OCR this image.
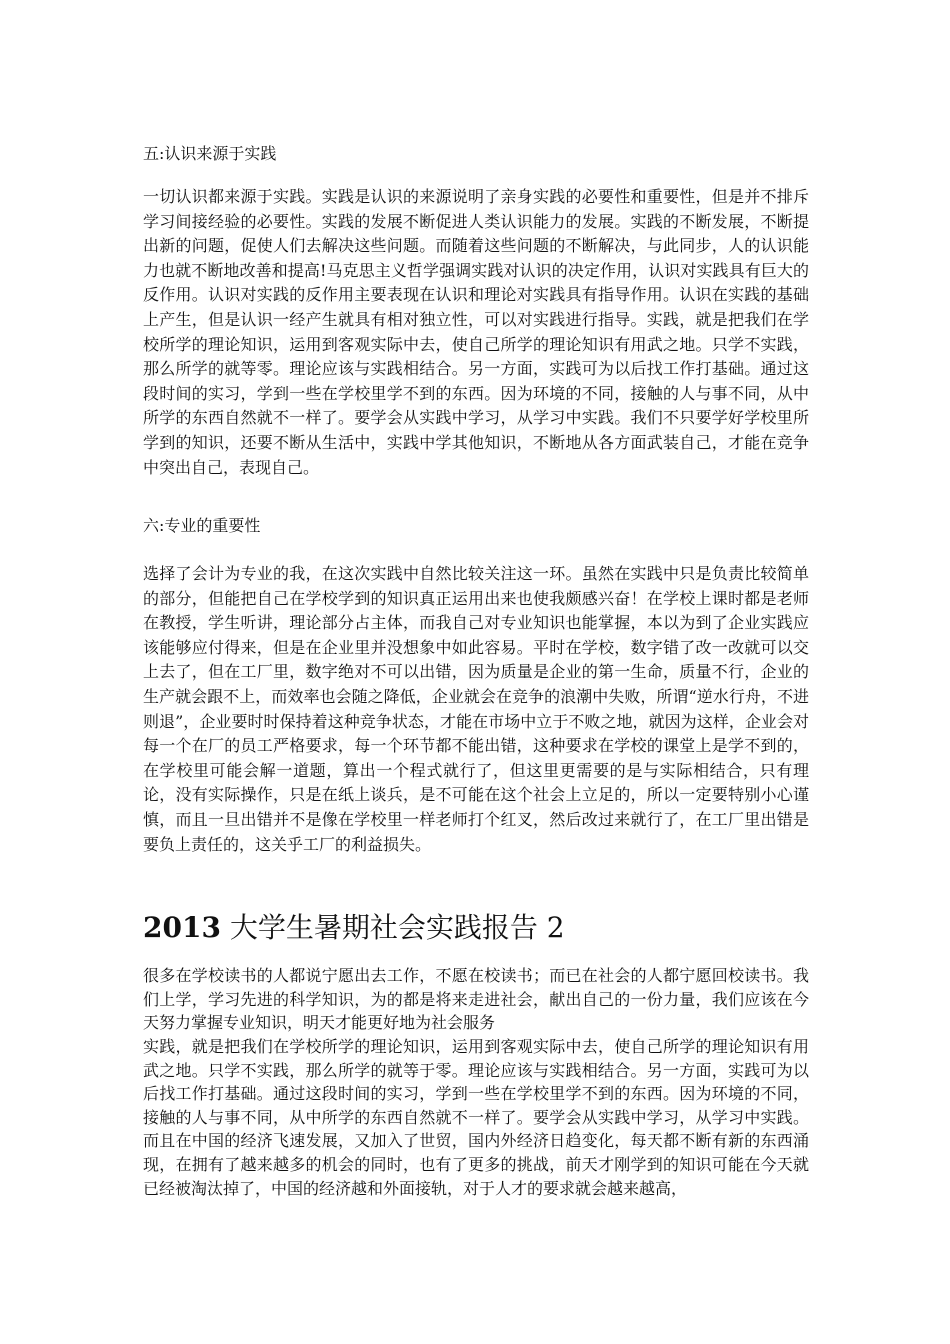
五:认识来源于实践
一切认识都来源于实践。实践是认识的来源说明了亲身实践的必要性和重要性，但是并不排斥学习间接经验的必要性。实践的发展不断促进人类认识能力的发展。实践的不断发展，不断提出新的问题，促使人们去解决这些问题。而随着这些问题的不断解决，与此同步，人的认识能力也就不断地改善和提高!马克思主义哲学强调实践对认识的决定作用，认识对实践具有巨大的反作用。认识对实践的反作用主要表现在认识和理论对实践具有指导作用。认识在实践的基础上产生，但是认识一经产生就具有相对独立性，可以对实践进行指导。实践，就是把我们在学校所学的理论知识，运用到客观实际中去，使自己所学的理论知识有用武之地。只学不实践，那么所学的就等零。理论应该与实践相结合。另一方面，实践可为以后找工作打基础。通过这段时间的实习，学到一些在学校里学不到的东西。因为环境的不同，接触的人与事不同，从中所学的东西自然就不一样了。要学会从实践中学习，从学习中实践。我们不只要学好学校里所学到的知识，还要不断从生活中，实践中学其他知识，不断地从各方面武装自己，才能在竞争中突出自己，表现自己。
六:专业的重要性
选择了会计为专业的我，在这次实践中自然比较关注这一环。虽然在实践中只是负责比较简单的部分，但能把自己在学校学到的知识真正运用出来也使我颇感兴奋！在学校上课时都是老师在教授，学生听讲，理论部分占主体，而我自己对专业知识也能掌握，本以为到了企业实践应该能够应付得来，但是在企业里并没想象中如此容易。平时在学校，数字错了改一改就可以交上去了，但在工厂里，数字绝对不可以出错，因为质量是企业的第一生命，质量不行，企业的生产就会跟不上，而效率也会随之降低，企业就会在竞争的浪潮中失败，所谓“逆水行舟，不进则退”，企业要时时保持着这种竞争状态，才能在市场中立于不败之地，就因为这样，企业会对每一个在厂的员工严格要求，每一个环节都不能出错，这种要求在学校的课堂上是学不到的，在学校里可能会解一道题，算出一个程式就行了，但这里更需要的是与实际相结合，只有理论，没有实际操作，只是在纸上谈兵，是不可能在这个社会上立足的，所以一定要特别小心谨慎，而且一旦出错并不是像在学校里一样老师打个红叉，然后改过来就行了，在工厂里出错是要负上责任的，这关乎工厂的利益损失。
2013 大学生暑期社会实践报告 2
很多在学校读书的人都说宁愿出去工作，不愿在校读书；而已在社会的人都宁愿回校读书。我们上学，学习先进的科学知识，为的都是将来走进社会，献出自己的一份力量，我们应该在今天努力掌握专业知识，明天才能更好地为社会服务
实践，就是把我们在学校所学的理论知识，运用到客观实际中去，使自己所学的理论知识有用武之地。只学不实践，那么所学的就等于零。理论应该与实践相结合。另一方面，实践可为以后找工作打基础。通过这段时间的实习，学到一些在学校里学不到的东西。因为环境的不同，接触的人与事不同，从中所学的东西自然就不一样了。要学会从实践中学习，从学习中实践。而且在中国的经济飞速发展，又加入了世贸，国内外经济日趋变化，每天都不断有新的东西涌现，在拥有了越来越多的机会的同时，也有了更多的挑战，前天才刚学到的知识可能在今天就已经被淘汰掉了，中国的经济越和外面接轨，对于人才的要求就会越来越高，
